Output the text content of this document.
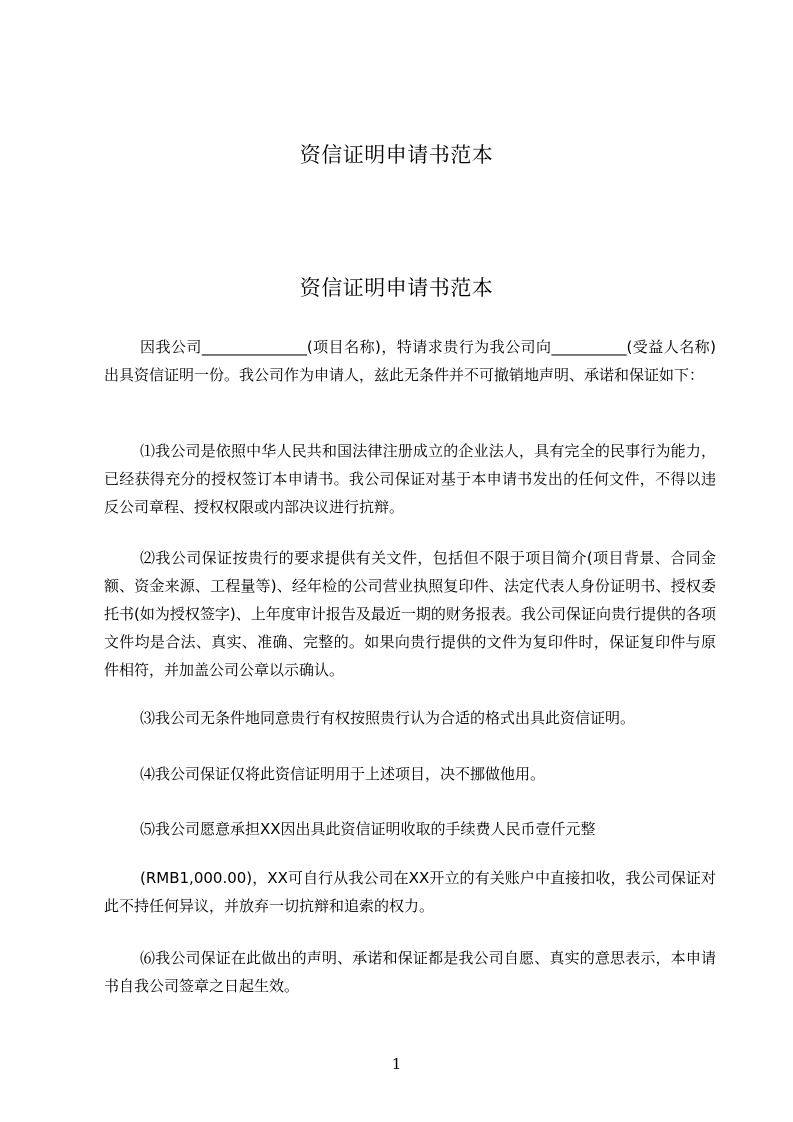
资信证明申请书范本
资信证明申请书范本
因我公司______________(项目名称)，特请求贵行为我公司向__________(受益人名称)出具资信证明一份。我公司作为申请人，兹此无条件并不可撤销地声明、承诺和保证如下：
⑴我公司是依照中华人民共和国法律注册成立的企业法人，具有完全的民事行为能力，已经获得充分的授权签订本申请书。我公司保证对基于本申请书发出的任何文件，不得以违反公司章程、授权权限或内部决议进行抗辩。
⑵我公司保证按贵行的要求提供有关文件，包括但不限于项目简介(项目背景、合同金额、资金来源、工程量等)、经年检的公司营业执照复印件、法定代表人身份证明书、授权委托书(如为授权签字)、上年度审计报告及最近一期的财务报表。我公司保证向贵行提供的各项文件均是合法、真实、准确、完整的。如果向贵行提供的文件为复印件时，保证复印件与原件相符，并加盖公司公章以示确认。
⑶我公司无条件地同意贵行有权按照贵行认为合适的格式出具此资信证明。
⑷我公司保证仅将此资信证明用于上述项目，决不挪做他用。
⑸我公司愿意承担XX因出具此资信证明收取的手续费人民币壹仟元整
(RMB1,000.00)，XX可自行从我公司在XX开立的有关账户中直接扣收，我公司保证对此不持任何异议，并放弃一切抗辩和追索的权力。
⑹我公司保证在此做出的声明、承诺和保证都是我公司自愿、真实的意思表示，本申请书自我公司签章之日起生效。
1
